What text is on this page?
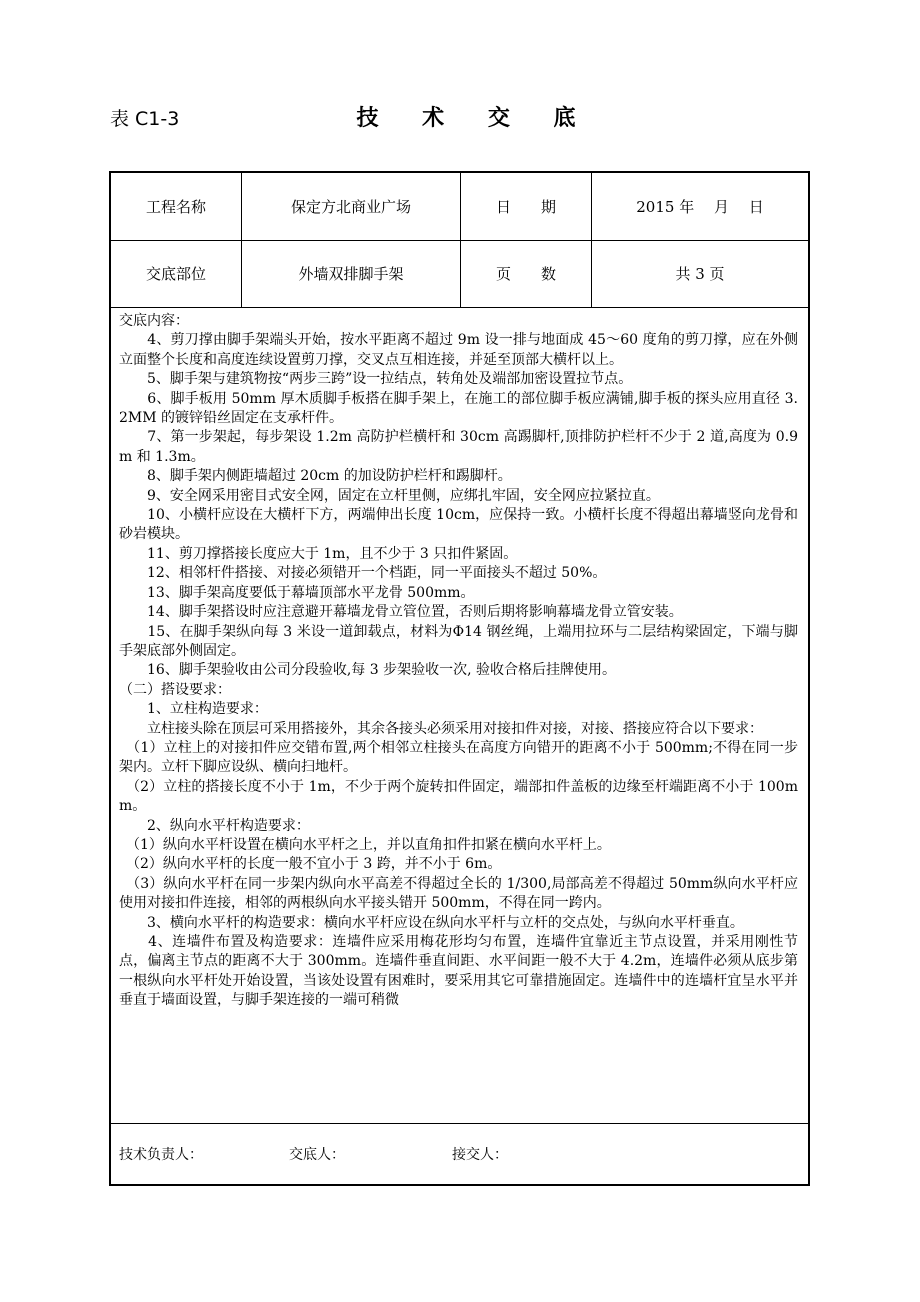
表 C1-3	技 术 交 底
工程名称	保定方北商业广场	日　　期	2015 年　 月　 日
交底部位	外墙双排脚手架	页　　数	共 3 页

交底内容：

　　4、剪刀撑由脚手架端头开始，按水平距离不超过 9m 设一排与地面成 45～60 度角的剪刀撑，应在外侧立面整个长度和高度连续设置剪刀撑，交叉点互相连接，并延至顶部大横杆以上。

　　5、脚手架与建筑物按“两步三跨”设一拉结点，转角处及端部加密设置拉节点。

　　6、脚手板用 50mm 厚木质脚手板搭在脚手架上，在施工的部位脚手板应满铺,脚手板的探头应用直径 3.2MM 的镀锌铅丝固定在支承杆件。

　　7、第一步架起，每步架设 1.2m 高防护栏横杆和 30cm 高踢脚杆,顶排防护栏杆不少于 2 道,高度为 0.9m 和 1.3m。

　　8、脚手架内侧距墙超过 20cm 的加设防护栏杆和踢脚杆。

　　9、安全网采用密目式安全网，固定在立杆里侧，应绑扎牢固，安全网应拉紧拉直。

　　10、小横杆应设在大横杆下方，两端伸出长度 10cm，应保持一致。小横杆长度不得超出幕墙竖向龙骨和砂岩模块。

　　11、剪刀撑搭接长度应大于 1m，且不少于 3 只扣件紧固。

　　12、相邻杆件搭接、对接必须错开一个档距，同一平面接头不超过 50%。

　　13、脚手架高度要低于幕墙顶部水平龙骨 500mm。

　　14、脚手架搭设时应注意避开幕墙龙骨立管位置，否则后期将影响幕墙龙骨立管安装。

　　15、在脚手架纵向每 3 米设一道卸载点，材料为Φ14 钢丝绳，上端用拉环与二层结构梁固定，下端与脚手架底部外侧固定。

　　16、脚手架验收由公司分段验收,每 3 步架验收一次, 验收合格后挂牌使用。

（二）搭设要求：

　　1、立柱构造要求：

　　立柱接头除在顶层可采用搭接外，其余各接头必须采用对接扣件对接，对接、搭接应符合以下要求：

　（1）立柱上的对接扣件应交错布置,两个相邻立柱接头在高度方向错开的距离不小于 500mm;不得在同一步架内。立杆下脚应设纵、横向扫地杆。

　（2）立柱的搭接长度不小于 1m，不少于两个旋转扣件固定，端部扣件盖板的边缘至杆端距离不小于 100mm。

　　2、纵向水平杆构造要求：

　（1）纵向水平杆设置在横向水平杆之上，并以直角扣件扣紧在横向水平杆上。

　（2）纵向水平杆的长度一般不宜小于 3 跨，并不小于 6m。

　（3）纵向水平杆在同一步架内纵向水平高差不得超过全长的 1/300,局部高差不得超过 50mm纵向水平杆应使用对接扣件连接，相邻的两根纵向水平接头错开 500mm，不得在同一跨内。

　　3、横向水平杆的构造要求：横向水平杆应设在纵向水平杆与立杆的交点处，与纵向水平杆垂直。

　　4、连墙件布置及构造要求：连墙件应采用梅花形均匀布置，连墙件宜靠近主节点设置，并采用刚性节点，偏离主节点的距离不大于 300mm。连墙件垂直间距、水平间距一般不大于 4.2m，连墙件必须从底步第一根纵向水平杆处开始设置，当该处设置有困难时，要采用其它可靠措施固定。连墙件中的连墙杆宜呈水平并垂直于墙面设置，与脚手架连接的一端可稍微

技术负责人：	交底人：	接交人：
